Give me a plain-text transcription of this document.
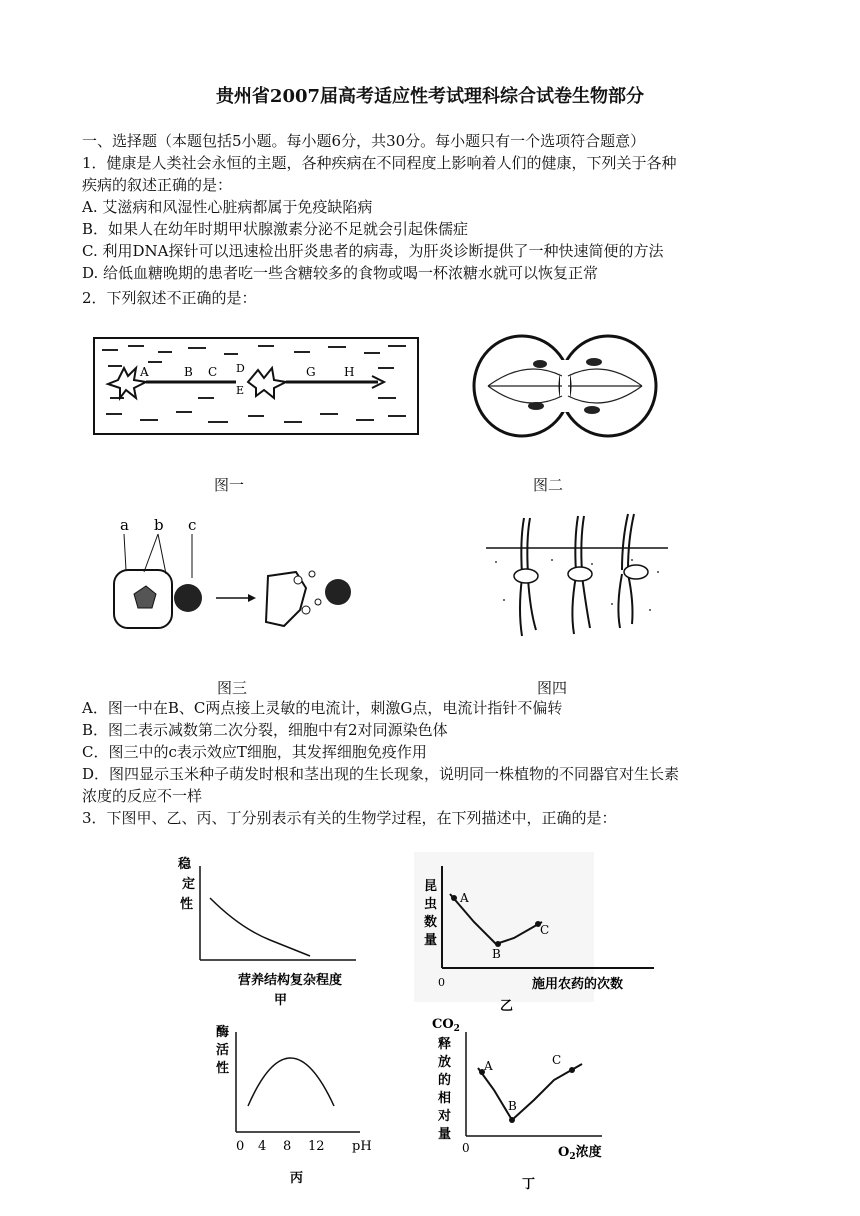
贵州省2007届高考适应性考试理科综合试卷生物部分
一、选择题（本题包括5小题。每小题6分，共30分。每小题只有一个选项符合题意）
1．健康是人类社会永恒的主题，各种疾病在不同程度上影响着人们的健康，下列关于各种
疾病的叙述正确的是：
A. 艾滋病和风湿性心脏病都属于免疫缺陷病
B．如果人在幼年时期甲状腺激素分泌不足就会引起侏儒症
C. 利用DNA探针可以迅速检出肝炎患者的病毒，为肝炎诊断提供了一种快速简便的方法
D. 给低血糖晚期的患者吃一些含糖较多的食物或喝一杯浓糖水就可以恢复正常
2．下列叙述不正确的是：
A	B C D
E
G H
图一	图二
a b c
图三	图四
A．图一中在B、C两点接上灵敏的电流计，刺激G点，电流计指针不偏转
B．图二表示减数第二次分裂，细胞中有2对同源染色体
C．图三中的c表示效应T细胞，其发挥细胞免疫作用
D．图四显示玉米种子萌发时根和茎出现的生长现象，说明同一株植物的不同器官对生长素
浓度的反应不一样
3．下图甲、乙、丙、丁分别表示有关的生物学过程，在下列描述中，正确的是：
稳
定
性
营养结构复杂程度
甲
昆
虫
数
量
A
B
C
0	施用农药的次数
乙
酶
活
性
0 4 8 12 pH
丙
$CO_2$
释
放
的
相
对
量
A
B
C
0	$O_2$浓度
丁
